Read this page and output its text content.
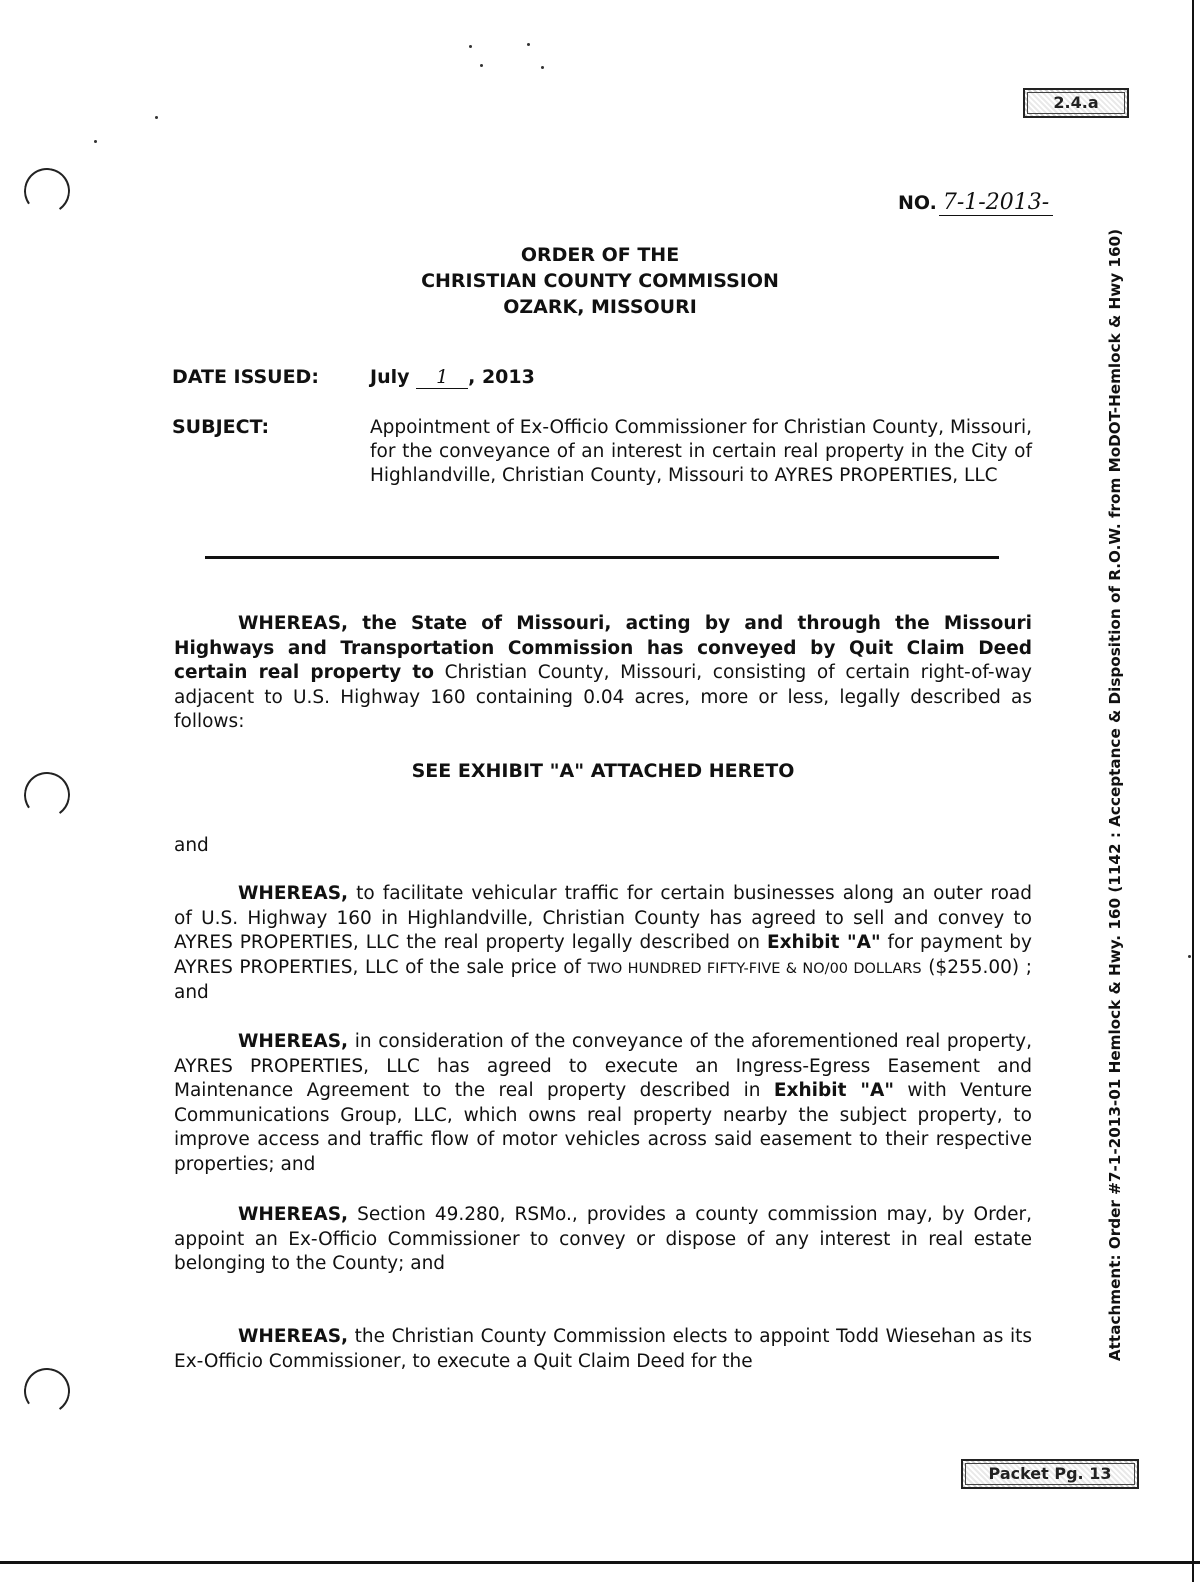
2.4.a
NO. 7-1-2013-
ORDER OF THE
CHRISTIAN COUNTY COMMISSION
OZARK, MISSOURI
DATE ISSUED:	July 1 , 2013
SUBJECT:	Appointment of Ex-Officio Commissioner for Christian County, Missouri, for the conveyance of an interest in certain real property in the City of Highlandville, Christian County, Missouri to AYRES PROPERTIES, LLC
WHEREAS, the State of Missouri, acting by and through the Missouri Highways and Transportation Commission has conveyed by Quit Claim Deed certain real property to Christian County, Missouri, consisting of certain right-of-way adjacent to U.S. Highway 160 containing 0.04 acres, more or less, legally described as follows:
SEE EXHIBIT "A" ATTACHED HERETO
and
WHEREAS, to facilitate vehicular traffic for certain businesses along an outer road of U.S. Highway 160 in Highlandville, Christian County has agreed to sell and convey to AYRES PROPERTIES, LLC the real property legally described on Exhibit "A" for payment by AYRES PROPERTIES, LLC of the sale price of TWO HUNDRED FIFTY-FIVE & NO/00 DOLLARS ($255.00) ; and
WHEREAS, in consideration of the conveyance of the aforementioned real property, AYRES PROPERTIES, LLC has agreed to execute an Ingress-Egress Easement and Maintenance Agreement to the real property described in Exhibit "A" with Venture Communications Group, LLC, which owns real property nearby the subject property, to improve access and traffic flow of motor vehicles across said easement to their respective properties; and
WHEREAS, Section 49.280, RSMo., provides a county commission may, by Order, appoint an Ex-Officio Commissioner to convey or dispose of any interest in real estate belonging to the County; and
WHEREAS, the Christian County Commission elects to appoint Todd Wiesehan as its Ex-Officio Commissioner, to execute a Quit Claim Deed for the	Attachment: Order #7-1-2013-01 Hemlock & Hwy. 160 (1142 : Acceptance & Disposition of R.O.W. from MoDOT-Hemlock & Hwy 160)
Packet Pg. 13
